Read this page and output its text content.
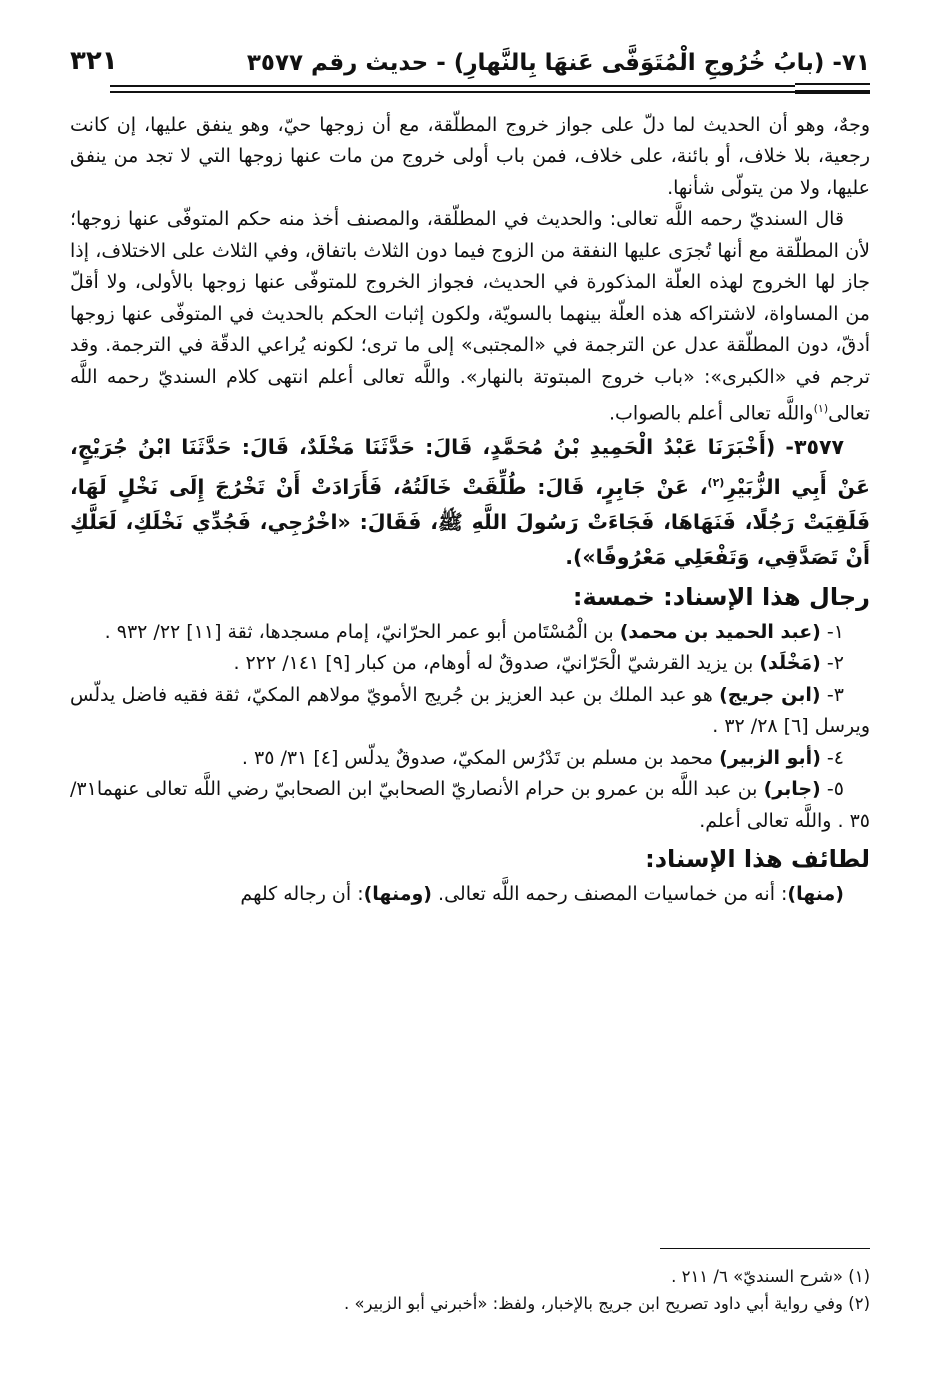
٧١- (بابُ خُرُوجِ الْمُتَوَفَّى عَنهَا بِالنَّهارِ) - حديث رقم ٣٥٧٧
٣٢١

وجهٌ، وهو أن الحديث لما دلّ على جواز خروج المطلّقة، مع أن زوجها حيّ، وهو ينفق عليها، إن كانت رجعية، بلا خلاف، أو بائنة، على خلاف، فمن باب أولى خروج من مات عنها زوجها التي لا تجد من ينفق عليها، ولا من يتولّى شأنها.

قال السنديّ رحمه اللَّه تعالى: والحديث في المطلّقة، والمصنف أخذ منه حكم المتوفّى عنها زوجها؛ لأن المطلّقة مع أنها تُجرَى عليها النفقة من الزوج فيما دون الثلاث باتفاق، وفي الثلاث على الاختلاف، إذا جاز لها الخروج لهذه العلّة المذكورة في الحديث، فجواز الخروج للمتوفّى عنها زوجها بالأولى، ولا أقلّ من المساواة، لاشتراكه هذه العلّة بينهما بالسويّة، ولكون إثبات الحكم بالحديث في المتوفّى عنها زوجها أدقّ، دون المطلّقة عدل عن الترجمة في «المجتبى» إلى ما ترى؛ لكونه يُراعي الدقّة في الترجمة. وقد ترجم في «الكبرى»: «باب خروج المبتوتة بالنهار». واللَّه تعالى أعلم انتهى كلام السنديّ رحمه اللَّه تعالى$^{(١)}$واللَّه تعالى أعلم بالصواب.

٣٥٧٧- (أَخْبَرَنَا عَبْدُ الْحَمِيدِ بْنُ مُحَمَّدٍ، قَالَ: حَدَّثَنَا مَخْلَدٌ، قَالَ: حَدَّثَنَا ابْنُ جُرَيْجٍ، عَنْ أَبِي الزُّبَيْرِ$^{(٢)}$، عَنْ جَابِرٍ، قَالَ: طُلِّقَتْ خَالَتُهُ، فَأَرَادَتْ أَنْ تَخْرُجَ إِلَى نَخْلٍ لَهَا، فَلَقِيَتْ رَجُلًا، فَنَهَاهَا، فَجَاءَتْ رَسُولَ اللَّهِ ﷺ، فَقَالَ: «اخْرُجِي، فَجُدِّي نَخْلَكِ، لَعَلَّكِ أَنْ تَصَدَّقِي، وَتَفْعَلِي مَعْرُوفًا»).

رجال هذا الإسناد: خمسة:

١- (عبد الحميد بن محمد) بن الْمُسْتَامن أبو عمر الحرّانيّ، إمام مسجدها، ثقة [١١] ٢٢/ ٩٣٢ .

٢- (مَخْلَد) بن يزيد القرشيّ الْحَرّانيّ، صدوقٌ له أوهام، من كبار [٩] ١٤١/ ٢٢٢ .

٣- (ابن جريج) هو عبد الملك بن عبد العزيز بن جُريج الأمويّ مولاهم المكيّ، ثقة فقيه فاضل يدلّس ويرسل [٦] ٢٨/ ٣٢ .

٤- (أبو الزبير) محمد بن مسلم بن تَدْرُس المكيّ، صدوقٌ يدلّس [٤] ٣١/ ٣٥ .

٥- (جابر) بن عبد اللَّه بن عمرو بن حرام الأنصاريّ الصحابيّ ابن الصحابيّ رضي اللَّه تعالى عنهما٣١/ ٣٥ . واللَّه تعالى أعلم.

لطائف هذا الإسناد:

(منها): أنه من خماسيات المصنف رحمه اللَّه تعالى. (ومنها): أن رجاله كلهم

(١) «شرح السنديّ» ٦/ ٢١١ .

(٢) وفي رواية أبي داود تصريح ابن جريج بالإخبار، ولفظ: «أخبرني أبو الزبير» .
